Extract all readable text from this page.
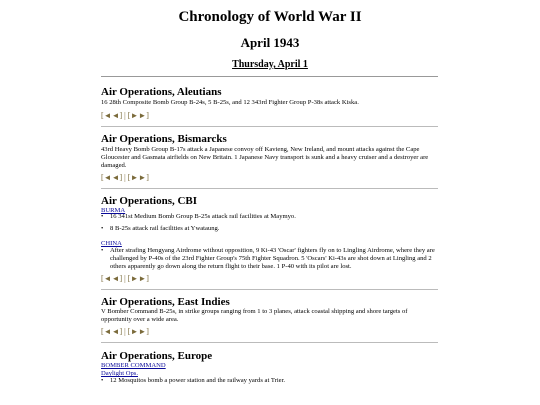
Chronology of World War II
April 1943
Thursday, April 1
Air Operations, Aleutians
16 28th Composite Bomb Group B-24s, 5 B-25s, and 12 343rd Fighter Group P-38s attack Kiska.
[◄◄] | [►►]
Air Operations, Bismarcks
43rd Heavy Bomb Group B-17s attack a Japanese convoy off Kavieng, New Ireland, and mount attacks against the Cape Gloucester and Gasmata airfields on New Britain. 1 Japanese Navy transport is sunk and a heavy cruiser and a destroyer are damaged.
[◄◄] | [►►]
Air Operations, CBI
BURMA
•	16 341st Medium Bomb Group B-25s attack rail facilities at Maymyo.
•	8 B-25s attack rail facilities at Ywataung.
CHINA
•	After strafing Hengyang Airdrome without opposition, 9 Ki-43 'Oscar' fighters fly on to Lingling Airdrome, where they are challenged by P-40s of the 23rd Fighter Group's 75th Fighter Squadron. 5 'Oscars' Ki-43s are shot down at Lingling and 2 others apparently go down along the return flight to their base. 1 P-40 with its pilot are lost.
[◄◄] | [►►]
Air Operations, East Indies
V Bomber Command B-25s, in strike groups ranging from 1 to 3 planes, attack coastal shipping and shore targets of opportunity over a wide area.
[◄◄] | [►►]
Air Operations, Europe
BOMBER COMMAND
Daylight Ops.
•	12 Mosquitos bomb a power station and the railway yards at Trier.
